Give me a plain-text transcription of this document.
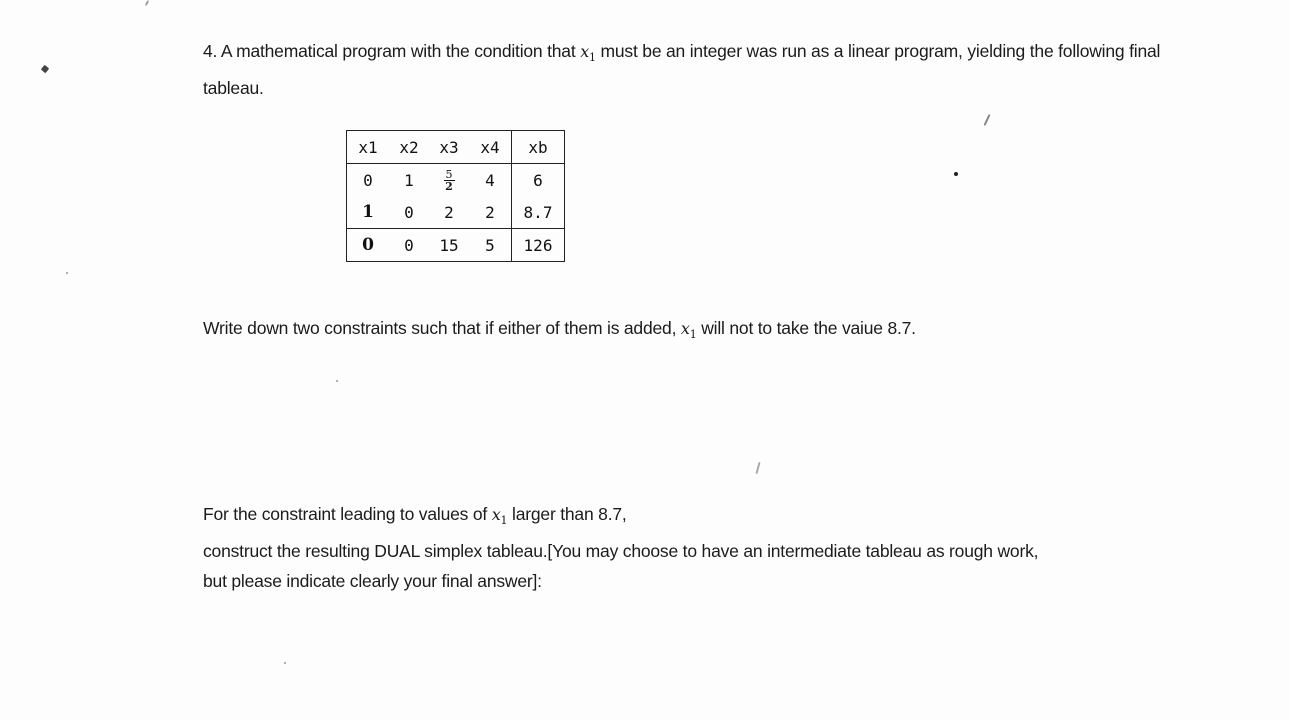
4. A mathematical program with the condition that $x_1$ must be an integer was run as a linear program, yielding the following final tableau.
x1	x2	x3	x4	xb
0	1	$\frac{5}{2}$	4	6
1	0	2	2	8.7
0	0	15	5	126
Write down two constraints such that if either of them is added, $x_1$ will not to take the vaiue 8.7.
For the constraint leading to values of $x_1$ larger than 8.7,
construct the resulting DUAL simplex tableau.[You may choose to have an intermediate tableau as rough work,
but please indicate clearly your final answer]:
